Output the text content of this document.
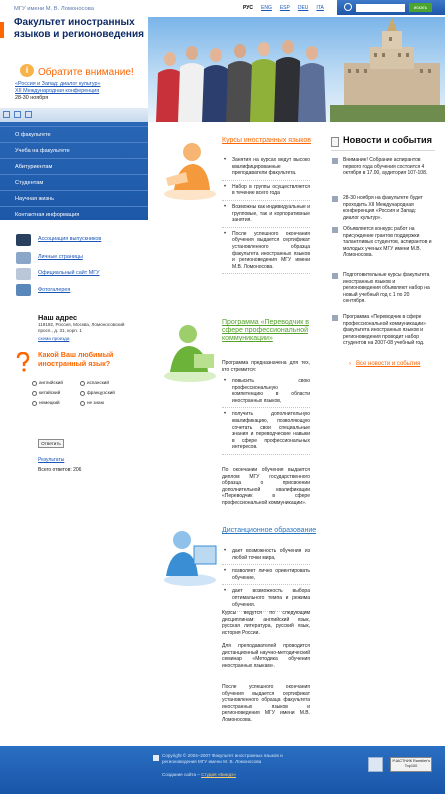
МГУ имени М. В. Ломоносова
Факультет иностранных языков и регионоведения
РУС ENG ESP DEU ITA	искать
i Обратите внимание!
«Россия и Запад: диалог культур»
XII Международная конференция
28-30 ноября
О факультете
Учеба на факультете
Абитуриентам
Студентам
Научная жизнь
Контактная информация
Ассоциация выпускников
Личные страницы
Официальный сайт МГУ
Фотогалерея
Наш адрес
119192, Россия, Москва, Ломоносовский просп., д. 31, корп. 1
схема проезда
Какой Ваш любимый иностранный язык?
английский	испанский
китайский	французский
немецкий	не знаю
Ответить
Результаты
Всего ответов: 206
Курсы иностранных языков
• Занятия на курсах ведут высоко квалифицированные преподаватели факультета.
• Набор в группы осуществляется в течение всего года
• Возможны как индивидуальные и групповые, так и корпоративные занятия.
• После успешного окончания обучения выдается сертификат установленного образца факультета иностранных языков и регионоведения МГУ имени М.В. Ломоносова.
Программа «Переводчик в сфере профессиональной коммуникации»
Программа предназначена для тех, кто стремится:
• повысить свою профессиональную компетенцию в области иностранных языков,
• получить дополнительную квалификацию, позволяющую сочетать свои специальные знания и переводческие навыки в сфере профессиональных интересов.
По окончании обучения выдается диплом МГУ государственного образца о присвоении дополнительной квалификации «Переводчик в сфере профессиональной коммуникации».
Дистанционное образование
• дает возможность обучения из любой точки мира,
• позволяет лично ориентировать обучение,
• дает возможность выбора оптимального темпа и режима обучения.
Курсы ведутся по следующим дисциплинам: английский язык, русская литература, русский язык, история России.
Для преподавателей проводится дистанционный научно-методический семинар «Методика обучения иностранных языкам».
После успешного окончания обучения выдается сертификат установленного образца факультета иностранных языков и регионоведения МГУ имени М.В. Ломоносова.
Новости и события
Внимание! Собрание аспирантов первого года обучения состоится 4 октября в 17.00, аудитория 107-108.
28-30 ноября на факультете будет проходить XII Международная конференция «Россия и Запад: диалог культур».
Объявляется конкурс работ на присуждение грантов поддержки талантливых студентов, аспирантов и молодых ученых МГУ имени М.В. Ломоносова.
Подготовительные курсы факультета иностранных языков и регионоведения объявляют набор на новый учебный год с 1 по 20 сентября.
Программа «Переводчик в сфере профессиональной коммуникации» факультета иностранных языков и регионоведения проводит набор студентов на 2007-08 учебный год.
› Все новости и события
Copyright © 2004–2007 Факультет иностранных языков и регионоведения МГУ имени М. В. Ломоносова
Создание сайта – Студия «Биндэ»
УЧАСТНИК Rambler's Top100
